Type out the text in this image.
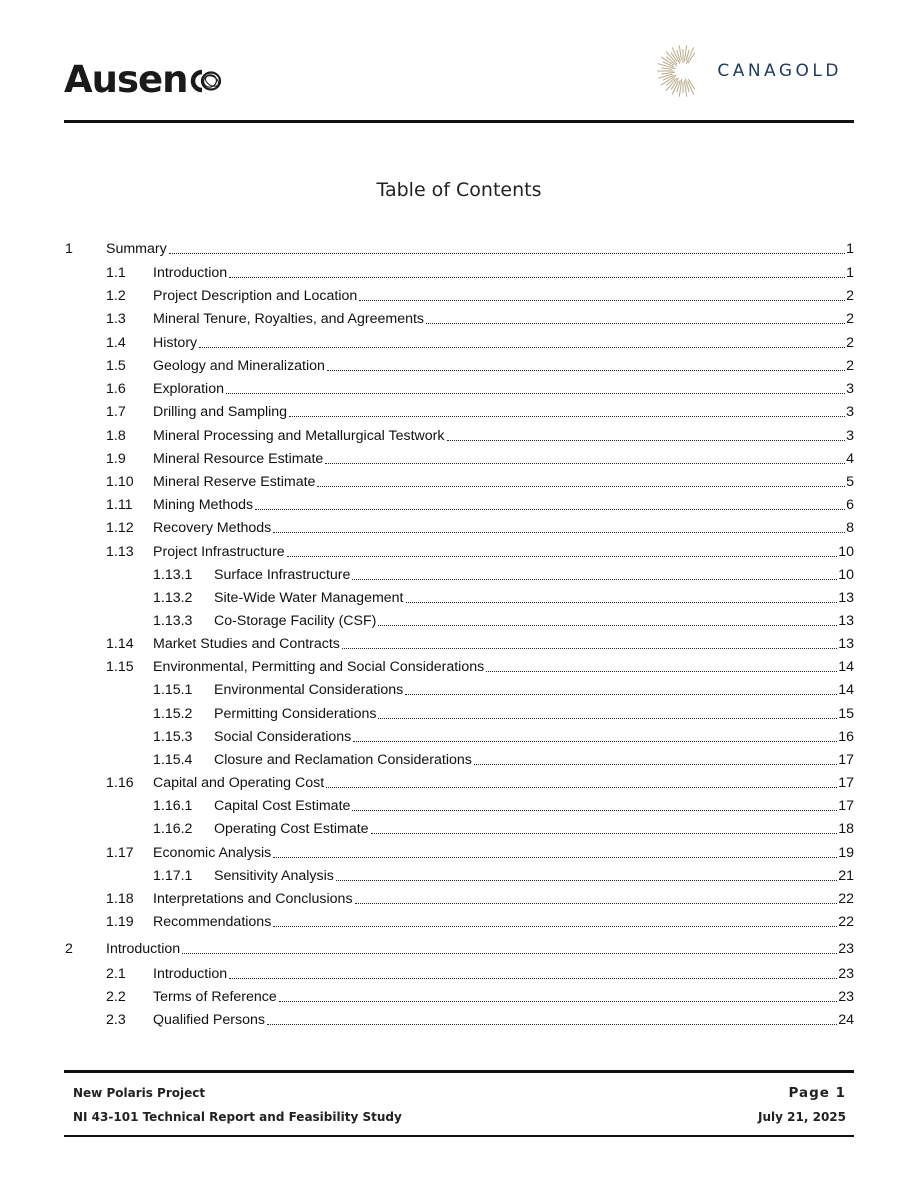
Ausen	CANAGOLD
Table of Contents
1 Summary	1
1.1 Introduction	1
1.2 Project Description and Location	2
1.3 Mineral Tenure, Royalties, and Agreements	2
1.4 History	2
1.5 Geology and Mineralization	2
1.6 Exploration	3
1.7 Drilling and Sampling	3
1.8 Mineral Processing and Metallurgical Testwork	3
1.9 Mineral Resource Estimate	4
1.10 Mineral Reserve Estimate	5
1.11 Mining Methods	6
1.12 Recovery Methods	8
1.13 Project Infrastructure	10
1.13.1 Surface Infrastructure	10
1.13.2 Site-Wide Water Management	13
1.13.3 Co-Storage Facility (CSF)	13
1.14 Market Studies and Contracts	13
1.15 Environmental, Permitting and Social Considerations	14
1.15.1 Environmental Considerations	14
1.15.2 Permitting Considerations	15
1.15.3 Social Considerations	16
1.15.4 Closure and Reclamation Considerations	17
1.16 Capital and Operating Cost	17
1.16.1 Capital Cost Estimate	17
1.16.2 Operating Cost Estimate	18
1.17 Economic Analysis	19
1.17.1 Sensitivity Analysis	21
1.18 Interpretations and Conclusions	22
1.19 Recommendations	22
2 Introduction	23
2.1 Introduction	23
2.2 Terms of Reference	23
2.3 Qualified Persons	24
New Polaris Project
NI 43-101 Technical Report and Feasibility Study
Page 1
July 21, 2025
